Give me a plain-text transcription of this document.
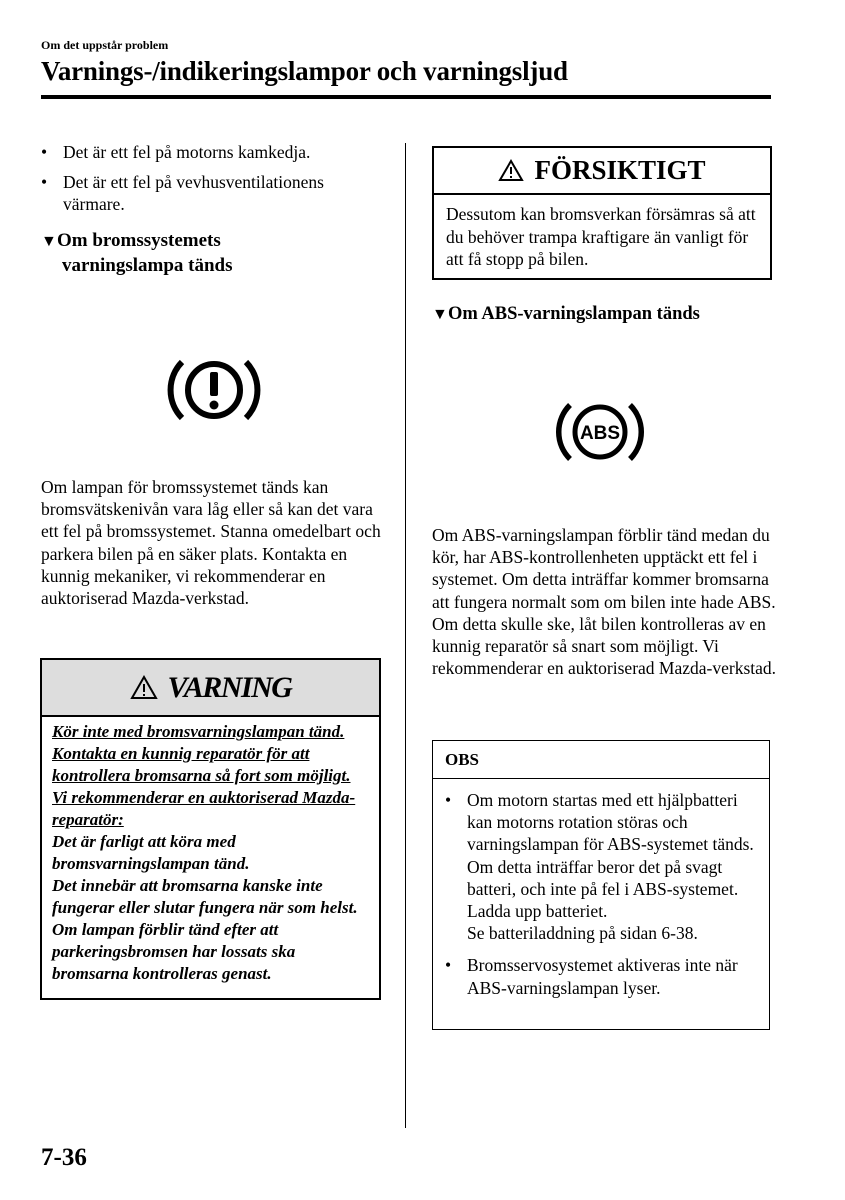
Om det uppstår problem
Varnings-/indikeringslampor och varningsljud
• Det är ett fel på motorns kamkedja.
• Det är ett fel på vevhusventilationens värmare.
▼Om bromssystemets
varningslampa tänds
Om lampan för bromssystemet tänds kan bromsvätskenivån vara låg eller så kan det vara ett fel på bromssystemet. Stanna omedelbart och parkera bilen på en säker plats. Kontakta en kunnig mekaniker, vi rekommenderar en auktoriserad Mazda-verkstad.
VARNING
Kör inte med bromsvarningslampan tänd. Kontakta en kunnig reparatör för att kontrollera bromsarna så fort som möjligt. Vi rekommenderar en auktoriserad Mazda-reparatör:
Det är farligt att köra med bromsvarningslampan tänd.
Det innebär att bromsarna kanske inte fungerar eller slutar fungera när som helst. Om lampan förblir tänd efter att parkeringsbromsen har lossats ska bromsarna kontrolleras genast.
FÖRSIKTIGT
Dessutom kan bromsverkan försämras så att du behöver trampa kraftigare än vanligt för att få stopp på bilen.
▼Om ABS-varningslampan tänds
ABS
Om ABS-varningslampan förblir tänd medan du kör, har ABS-kontrollenheten upptäckt ett fel i systemet. Om detta inträffar kommer bromsarna att fungera normalt som om bilen inte hade ABS. Om detta skulle ske, låt bilen kontrolleras av en kunnig reparatör så snart som möjligt. Vi rekommenderar en auktoriserad Mazda-verkstad.
OBS
• Om motorn startas med ett hjälpbatteri kan motorns rotation störas och varningslampan för ABS-systemet tänds. Om detta inträffar beror det på svagt batteri, och inte på fel i ABS-systemet. Ladda upp batteriet.
Se batteriladdning på sidan 6-38.
• Bromsservosystemet aktiveras inte när ABS-varningslampan lyser.
7-36
